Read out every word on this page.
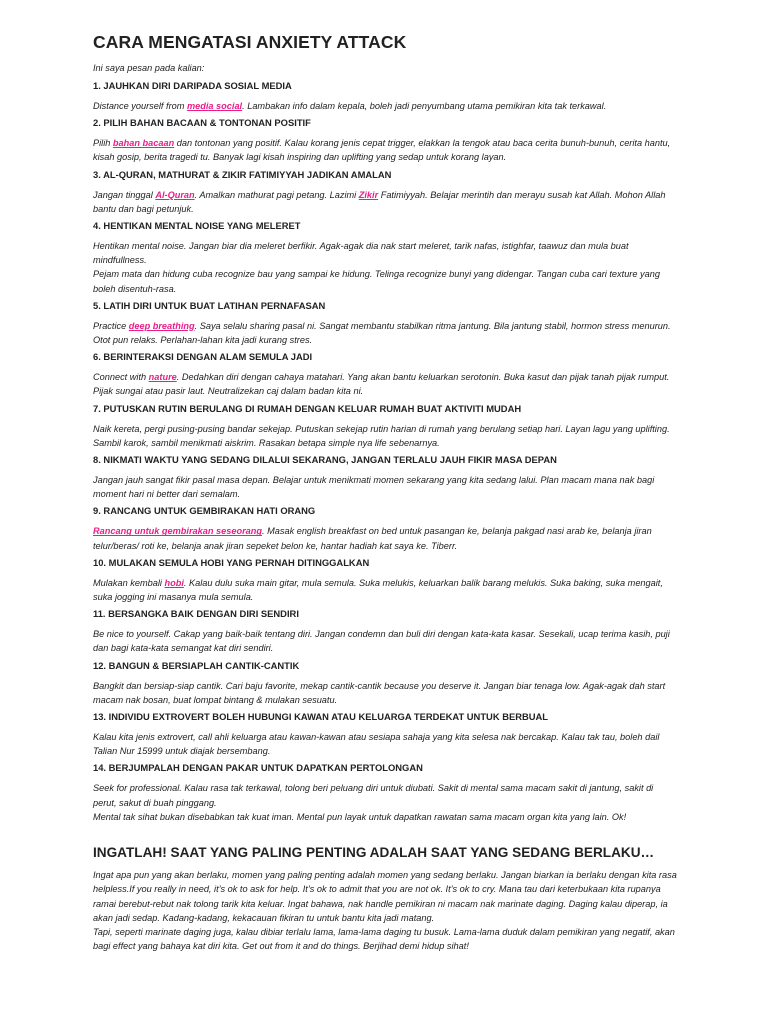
CARA MENGATASI ANXIETY ATTACK
Ini saya pesan pada kalian:
1. JAUHKAN DIRI DARIPADA SOSIAL MEDIA

Distance yourself from media social. Lambakan info dalam kepala, boleh jadi penyumbang utama pemikiran kita tak terkawal.

2. PILIH BAHAN BACAAN & TONTONAN POSITIF

Pilih bahan bacaan dan tontonan yang positif. Kalau korang jenis cepat trigger, elakkan la tengok atau baca cerita bunuh-bunuh, cerita hantu, kisah gosip, berita tragedi tu. Banyak lagi kisah inspiring dan uplifting yang sedap untuk korang layan.

3. AL-QURAN, MATHURAT & ZIKIR FATIMIYYAH JADIKAN AMALAN

Jangan tinggal Al-Quran. Amalkan mathurat pagi petang. Lazimi Zikir Fatimiyyah. Belajar merintih dan merayu susah kat Allah. Mohon Allah bantu dan bagi petunjuk.

4. HENTIKAN MENTAL NOISE YANG MELERET

Hentikan mental noise. Jangan biar dia meleret berfikir. Agak-agak dia nak start meleret, tarik nafas, istighfar, taawuz dan mula buat mindfullness.

Pejam mata dan hidung cuba recognize bau yang sampai ke hidung. Telinga recognize bunyi yang didengar. Tangan cuba cari texture yang boleh disentuh-rasa.

5. LATIH DIRI UNTUK BUAT LATIHAN PERNAFASAN

Practice deep breathing. Saya selalu sharing pasal ni. Sangat membantu stabilkan ritma jantung. Bila jantung stabil, hormon stress menurun. Otot pun relaks. Perlahan-lahan kita jadi kurang stres.

6. BERINTERAKSI DENGAN ALAM SEMULA JADI

Connect with nature. Dedahkan diri dengan cahaya matahari. Yang akan bantu keluarkan serotonin. Buka kasut dan pijak tanah pijak rumput. Pijak sungai atau pasir laut. Neutralizekan caj dalam badan kita ni.

7. PUTUSKAN RUTIN BERULANG DI RUMAH DENGAN KELUAR RUMAH BUAT AKTIVITI MUDAH

Naik kereta, pergi pusing-pusing bandar sekejap. Putuskan sekejap rutin harian di rumah yang berulang setiap hari. Layan lagu yang uplifting. Sambil karok, sambil menikmati aiskrim. Rasakan betapa simple nya life sebenarnya.

8. NIKMATI WAKTU YANG SEDANG DILALUI SEKARANG, JANGAN TERLALU JAUH FIKIR MASA DEPAN

Jangan jauh sangat fikir pasal masa depan. Belajar untuk menikmati momen sekarang yang kita sedang lalui. Plan macam mana nak bagi moment hari ni better dari semalam.

9. RANCANG UNTUK GEMBIRAKAN HATI ORANG

Rancang untuk gembirakan seseorang. Masak english breakfast on bed untuk pasangan ke, belanja pakgad nasi arab ke, belanja jiran telur/beras/ roti ke, belanja anak jiran sepeket belon ke, hantar hadiah kat saya ke. Tiberr.

10. MULAKAN SEMULA HOBI YANG PERNAH DITINGGALKAN

Mulakan kembali hobi. Kalau dulu suka main gitar, mula semula. Suka melukis, keluarkan balik barang melukis. Suka baking, suka mengait, suka jogging ini masanya mula semula.

11. BERSANGKA BAIK DENGAN DIRI SENDIRI

Be nice to yourself. Cakap yang baik-baik tentang diri. Jangan condemn dan buli diri dengan kata-kata kasar. Sesekali, ucap terima kasih, puji dan bagi kata-kata semangat kat diri sendiri.

12. BANGUN & BERSIAPLAH CANTIK-CANTIK

Bangkit dan bersiap-siap cantik. Cari baju favorite, mekap cantik-cantik because you deserve it. Jangan biar tenaga low. Agak-agak dah start macam nak bosan, buat lompat bintang & mulakan sesuatu.

13. INDIVIDU EXTROVERT BOLEH HUBUNGI KAWAN ATAU KELUARGA TERDEKAT UNTUK BERBUAL

Kalau kita jenis extrovert, call ahli keluarga atau kawan-kawan atau sesiapa sahaja yang kita selesa nak bercakap. Kalau tak tau, boleh dail Talian Nur 15999 untuk diajak bersembang.

14. BERJUMPALAH DENGAN PAKAR UNTUK DAPATKAN PERTOLONGAN

Seek for professional. Kalau rasa tak terkawal, tolong beri peluang diri untuk diubati. Sakit di mental sama macam sakit di jantung, sakit di perut, sakut di buah pinggang.

Mental tak sihat bukan disebabkan tak kuat iman. Mental pun layak untuk dapatkan rawatan sama macam organ kita yang lain. Ok!

INGATLAH! SAAT YANG PALING PENTING ADALAH SAAT YANG SEDANG BERLAKU…

Ingat apa pun yang akan berlaku, momen yang paling penting adalah momen yang sedang berlaku. Jangan biarkan ia berlaku dengan kita rasa helpless.If you really in need, it’s ok to ask for help. It’s ok to admit that you are not ok. It’s ok to cry. Mana tau dari keterbukaan kita rupanya ramai berebut-rebut nak tolong tarik kita keluar. Ingat bahawa, nak handle pemikiran ni macam nak marinate daging. Daging kalau diperap, ia akan jadi sedap. Kadang-kadang, kekacauan fikiran tu untuk bantu kita jadi matang.

Tapi, seperti marinate daging juga, kalau dibiar terlalu lama, lama-lama daging tu busuk. Lama-lama duduk dalam pemikiran yang negatif, akan bagi effect yang bahaya kat diri kita. Get out from it and do things. Berjihad demi hidup sihat!
